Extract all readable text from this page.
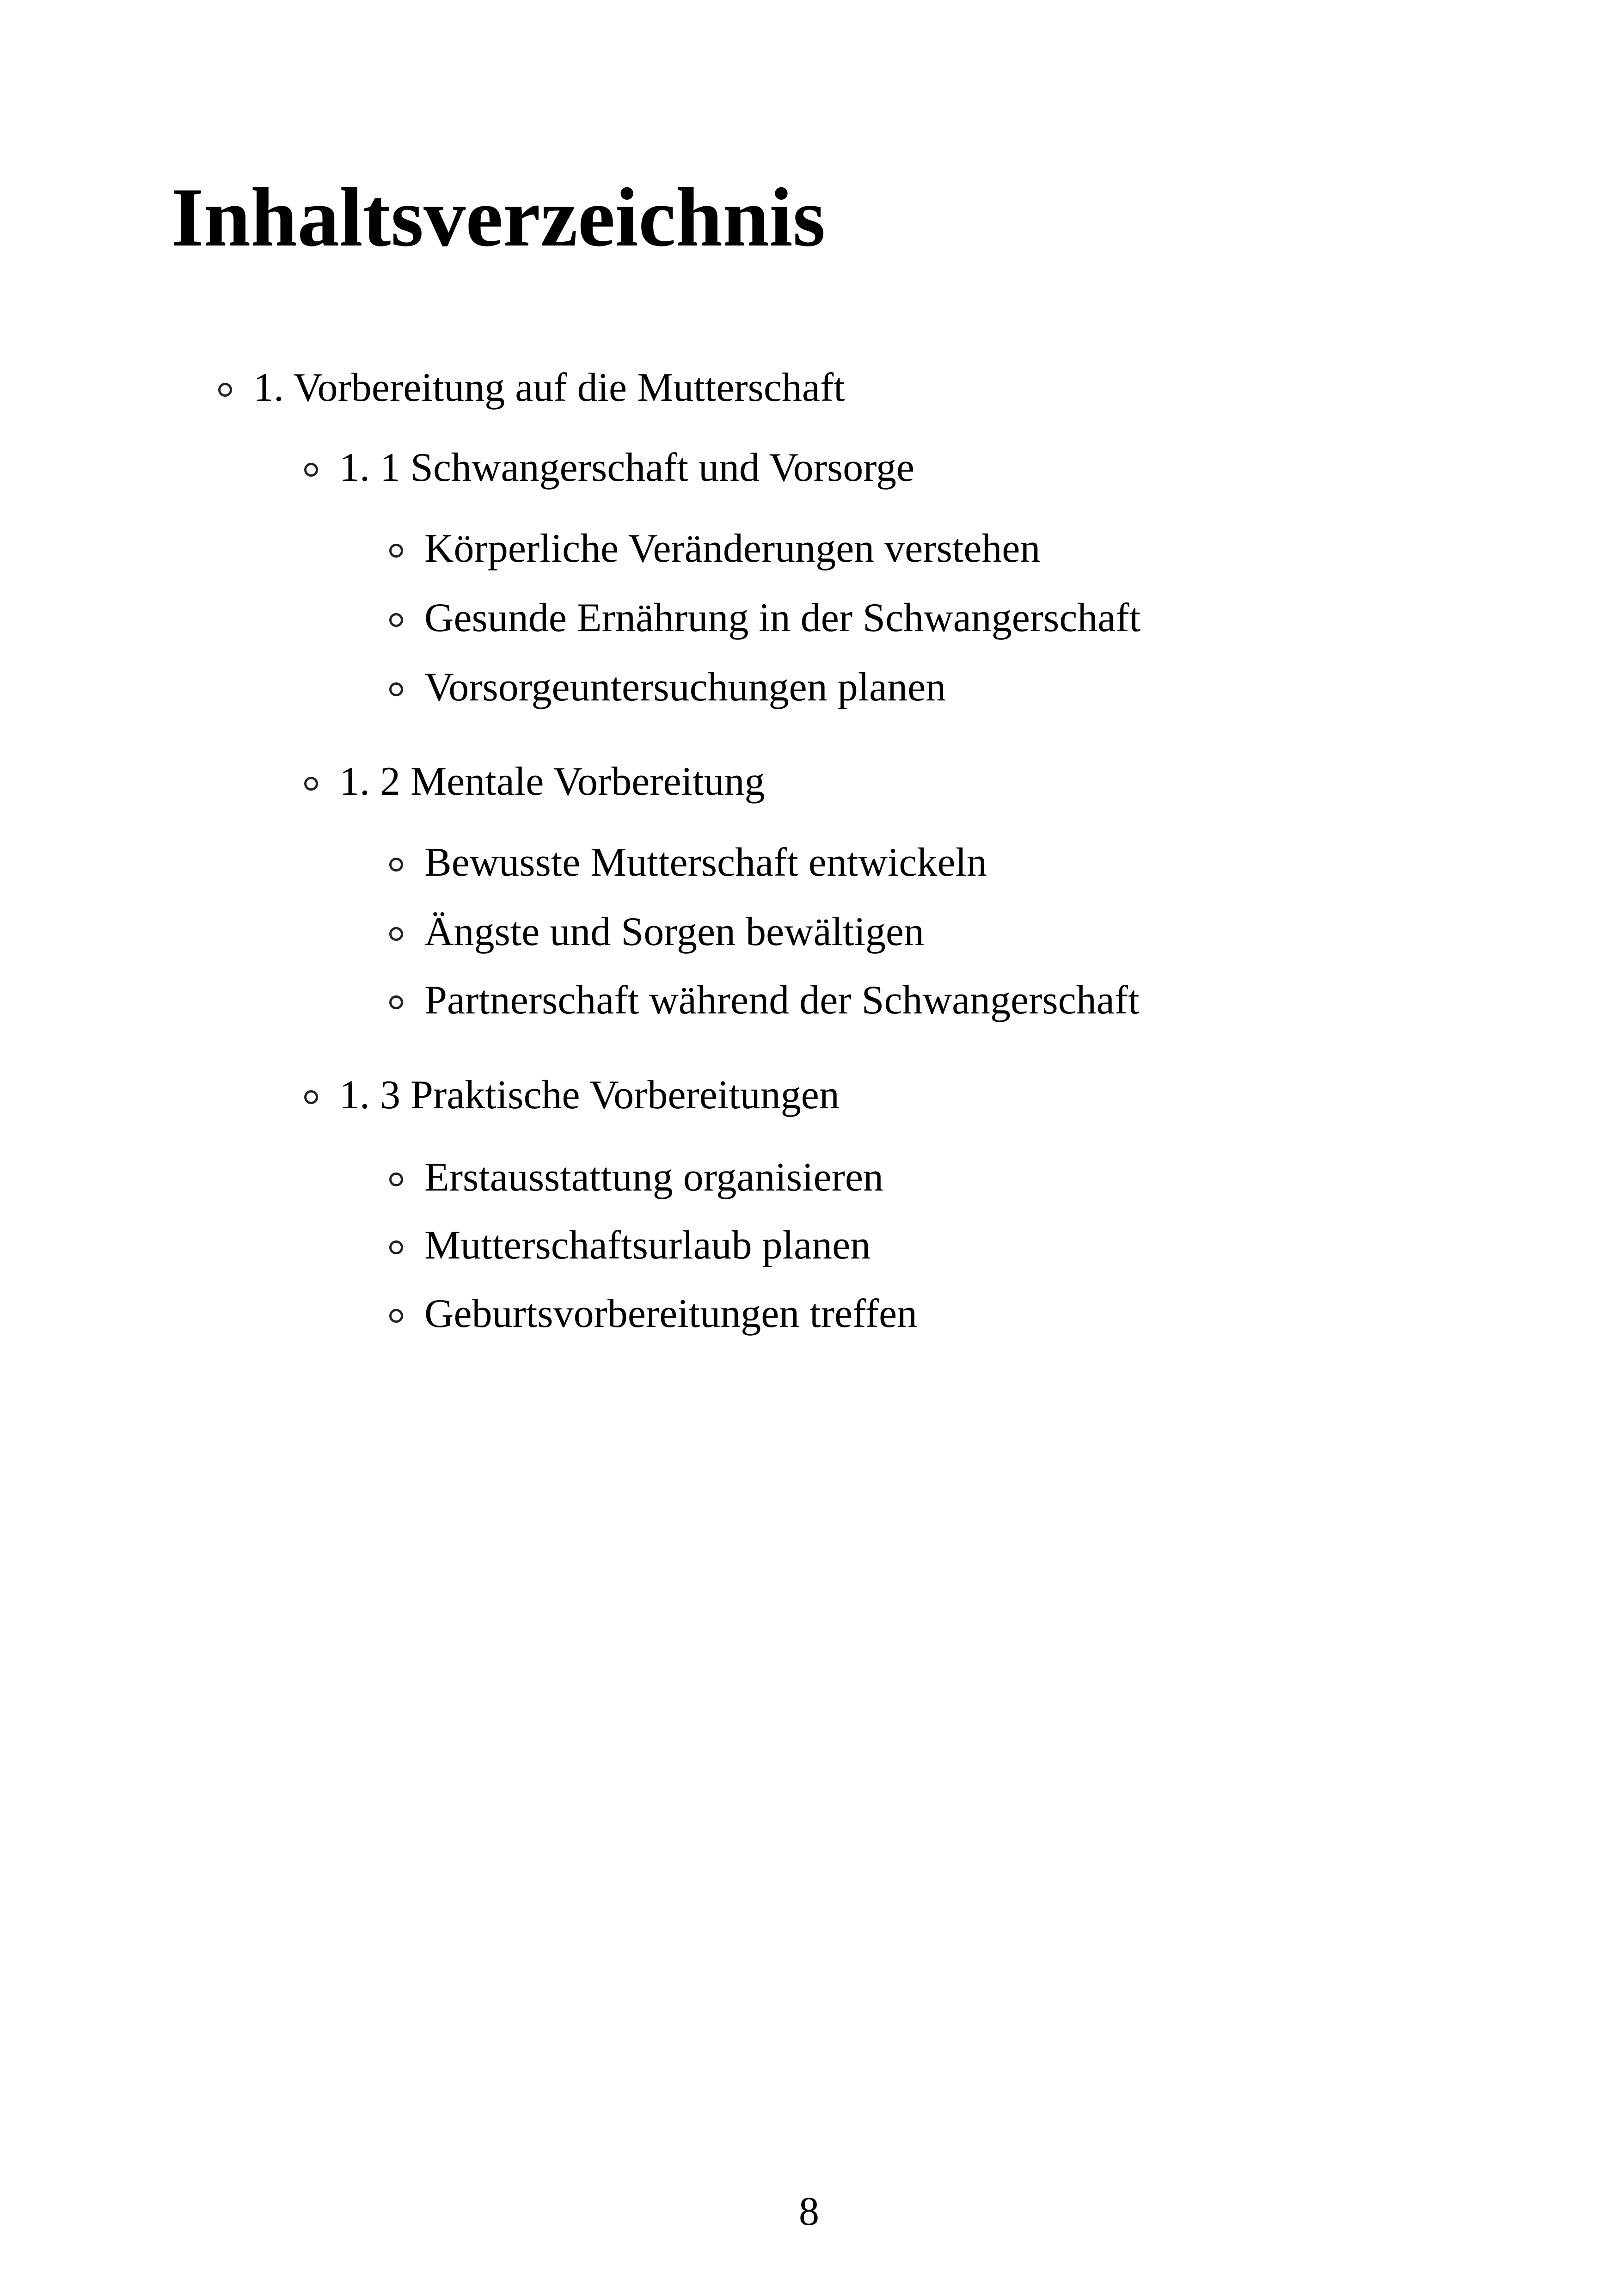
Inhaltsverzeichnis
1. Vorbereitung auf die Mutterschaft
1. 1 Schwangerschaft und Vorsorge
Körperliche Veränderungen verstehen
Gesunde Ernährung in der Schwangerschaft
Vorsorgeuntersuchungen planen
1. 2 Mentale Vorbereitung
Bewusste Mutterschaft entwickeln
Ängste und Sorgen bewältigen
Partnerschaft während der Schwangerschaft
1. 3 Praktische Vorbereitungen
Erstausstattung organisieren
Mutterschaftsurlaub planen
Geburtsvorbereitungen treffen
8
